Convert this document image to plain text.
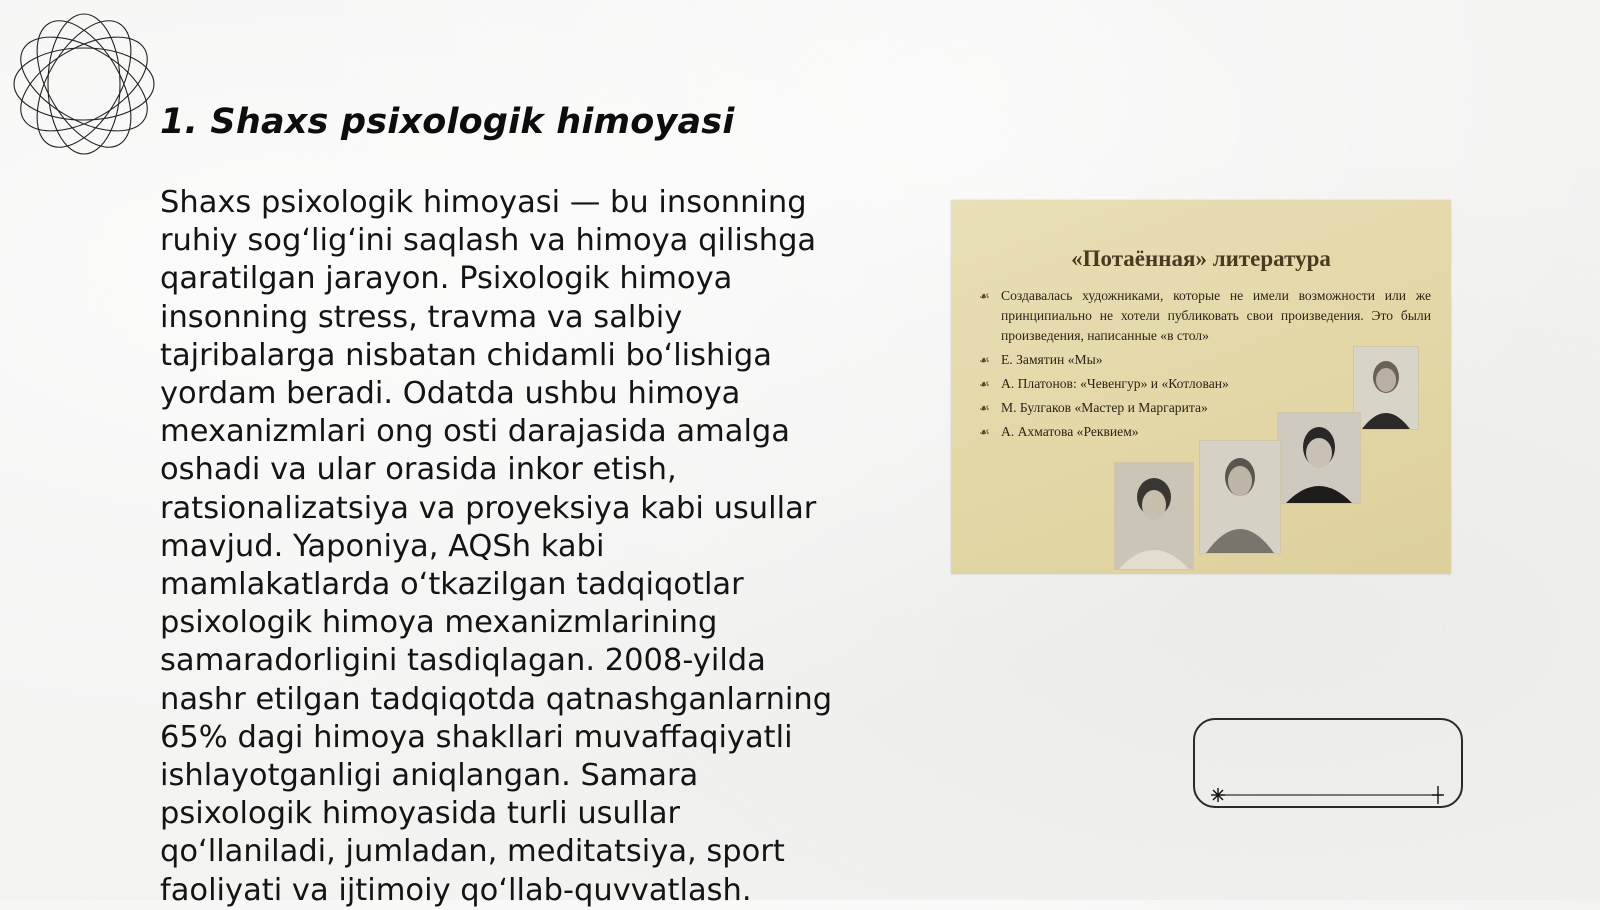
1. Shaxs psixologik himoyasi

Shaxs psixologik himoyasi — bu insonning ruhiy sog‘lig‘ini saqlash va himoya qilishga qaratilgan jarayon. Psixologik himoya insonning stress, travma va salbiy tajribalarga nisbatan chidamli bo‘lishiga yordam beradi. Odatda ushbu himoya mexanizmlari ong osti darajasida amalga oshadi va ular orasida inkor etish, ratsionalizatsiya va proyeksiya kabi usullar mavjud. Yaponiya, AQSh kabi mamlakatlarda o‘tkazilgan tadqiqotlar psixologik himoya mexanizmlarining samaradorligini tasdiqlagan. 2008-yilda nashr etilgan tadqiqotda qatnashganlarning 65% dagi himoya shakllari muvaffaqiyatli ishlayotganligi aniqlangan. Samara psixologik himoyasida turli usullar qo‘llaniladi, jumladan, meditatsiya, sport faoliyati va ijtimoiy qo‘llab-quvvatlash.

«Потаённая» литература
☙ Создавалась художниками, которые не имели возможности или же принципиально не хотели публиковать свои произведения. Это были произведения, написанные «в стол»
☙ Е. Замятин «Мы»
☙ А. Платонов: «Чевенгур» и «Котлован»
☙ М. Булгаков «Мастер и Маргарита»
☙ А. Ахматова «Реквием»
